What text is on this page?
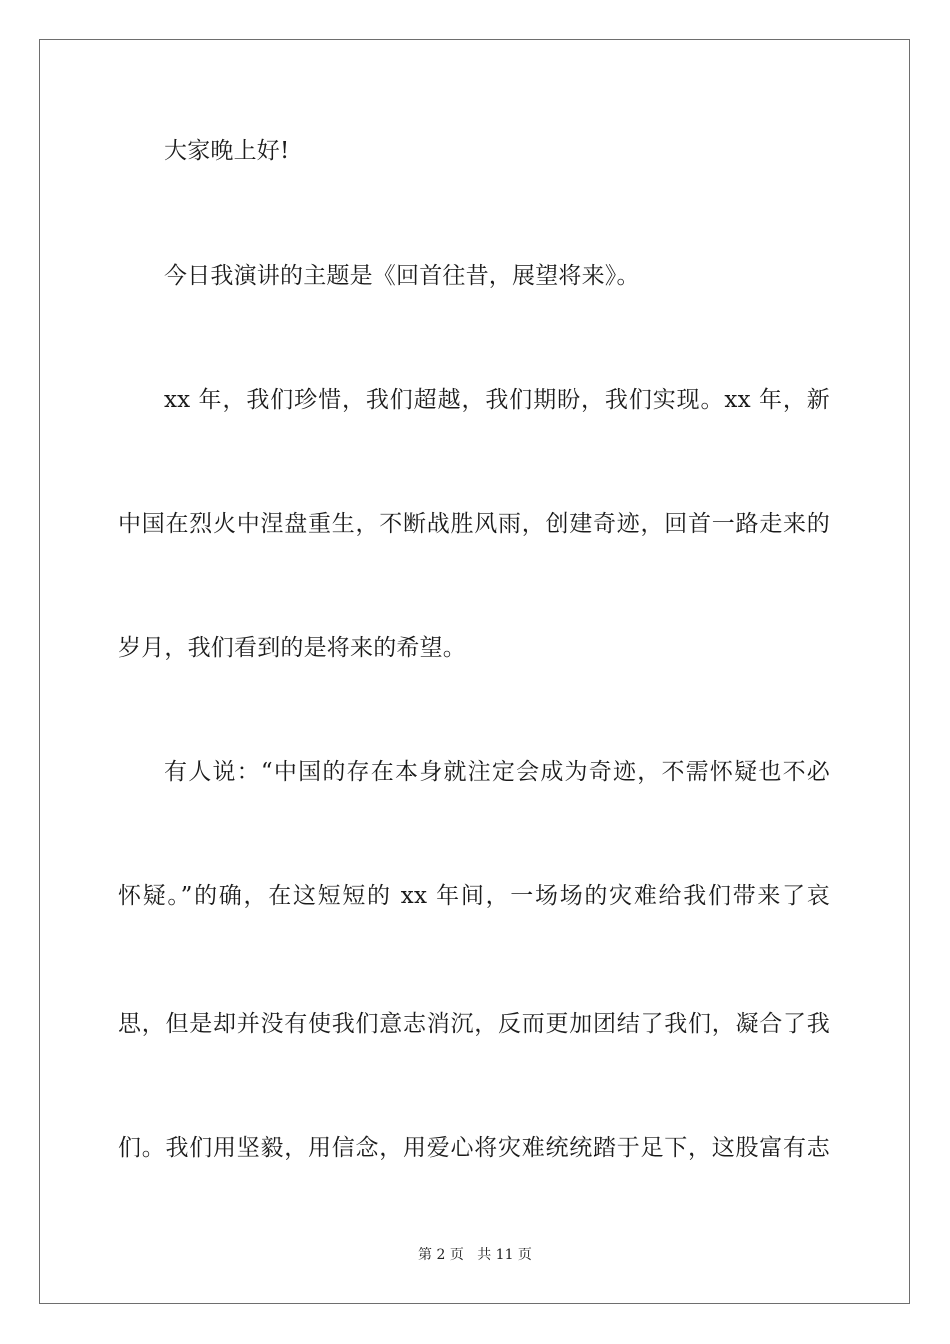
大家晚上好!
今日我演讲的主题是《回首往昔，展望将来》。
xx 年，我们珍惜，我们超越，我们期盼，我们实现。xx 年，新
中国在烈火中涅盘重生，不断战胜风雨，创建奇迹，回首一路走来的
岁月，我们看到的是将来的希望。
有人说：“中国的存在本身就注定会成为奇迹，不需怀疑也不必
怀疑。”的确，在这短短的 xx 年间，一场场的灾难给我们带来了哀
思，但是却并没有使我们意志消沉，反而更加团结了我们，凝合了我
们。我们用坚毅，用信念，用爱心将灾难统统踏于足下，这股富有志
第 2 页 共 11 页
